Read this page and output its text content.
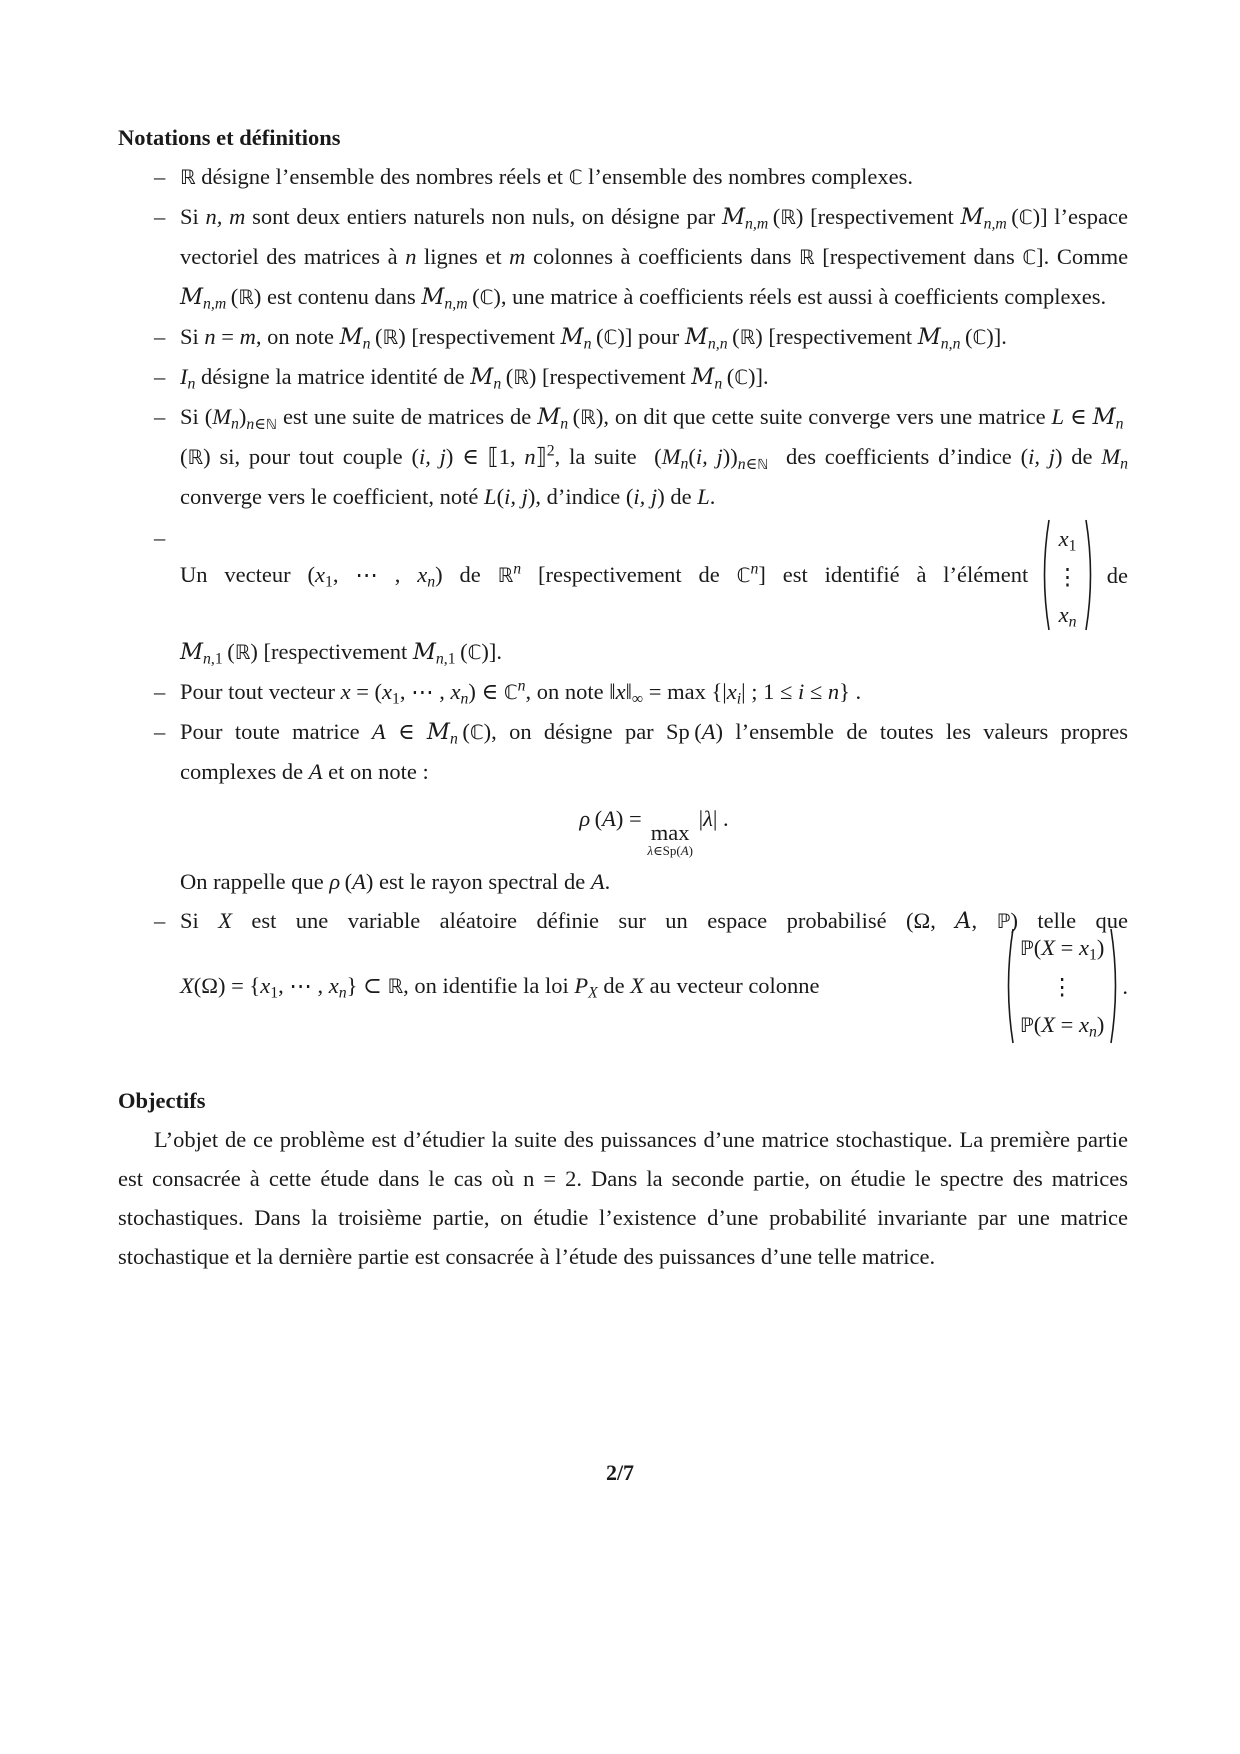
Notations et définitions
– ℝ désigne l’ensemble des nombres réels et ℂ l’ensemble des nombres complexes.
– Si n, m sont deux entiers naturels non nuls, on désigne par $M_{n,m}$ (ℝ) [respectivement $M_{n,m}$ (ℂ)] l’espace vectoriel des matrices à n lignes et m colonnes à coefficients dans ℝ [respectivement dans ℂ]. Comme $M_{n,m}$ (ℝ) est contenu dans $M_{n,m}$ (ℂ), une matrice à coefficients réels est aussi à coefficients complexes.
– Si n = m, on note $M_n$ (ℝ) [respectivement $M_n$ (ℂ)] pour $M_{n,n}$ (ℝ) [respectivement $M_{n,n}$ (ℂ)].
– $I_n$ désigne la matrice identité de $M_n$ (ℝ) [respectivement $M_n$ (ℂ)].
– Si $(M_n)_{n\in ℕ}$ est une suite de matrices de $M_n$ (ℝ), on dit que cette suite converge vers une matrice L ∈ $M_n$ (ℝ) si, pour tout couple (i, j) ∈ ⟦1, n⟧$^2$, la suite  ($M_n(i$, $j))_{n\in ℕ}$ des coefficients d’indice (i, j) de $M_n$ converge vers le coefficient, noté L(i, j), d’indice (i, j) de L.
– Un vecteur ($x_1$, ⋯ , $x_n$) de ℝ$^n$ [respectivement de ℂ$^n$] est identifié à l’élément
$x_1$
⋮
$x_n$
de
$M_{n,1}$ (ℝ) [respectivement $M_{n,1}$ (ℂ)].
– Pour tout vecteur $x = (x_1$, ⋯ , $x_n$) ∈ ℂ$^n$, on note $‖x‖_\infty = \max \{|x_i|$ ; 1 ≤ i ≤ n} .
– Pour toute matrice A ∈ $M_n$ (ℂ), on désigne par Sp (A) l’ensemble de toutes les valeurs propres complexes de A et on note :
ρ (A) =
max
λ∈Sp(A)
|λ| .
On rappelle que ρ (A) est le rayon spectral de A.
– Si X est une variable aléatoire définie sur un espace probabilisé (Ω, A, ℙ) telle que
$X(\Omega) = \{x_1$, ⋯ , $x_n$} ⊂ ℝ, on identifie la loi $P_X$ de X au vecteur colonne
ℙ(X = $x_1$)
⋮
ℙ(X = $x_n$)
.
Objectifs

L’objet de ce problème est d’étudier la suite des puissances d’une matrice stochastique. La première partie est consacrée à cette étude dans le cas où n = 2. Dans la seconde partie, on étudie le spectre des matrices stochastiques. Dans la troisième partie, on étudie l’existence d’une probabilité invariante par une matrice stochastique et la dernière partie est consacrée à l’étude des puissances d’une telle matrice.

2/7
